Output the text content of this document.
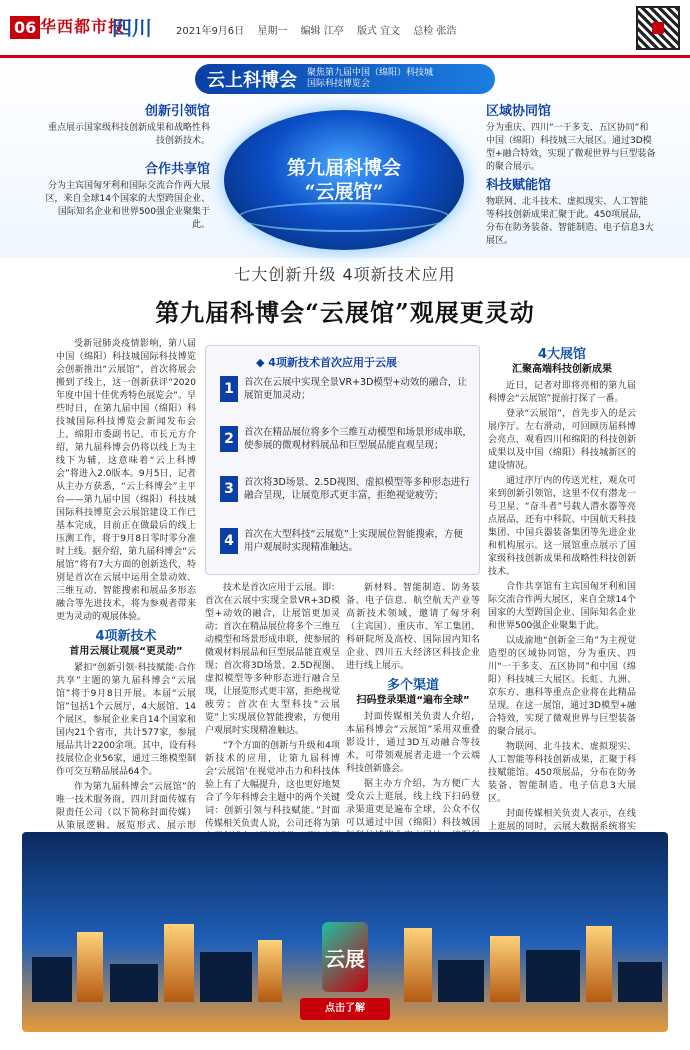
06 华西都市报
四川 2021年9月6日 星期一 编辑 江亭 版式 宜文 总检 张浩
云上科博会 聚焦第九届中国（绵阳）科技城
国际科技博览会
创新引领馆

重点展示国家级科技创新成果和战略性科技创新技术。

合作共享馆

分为主宾国匈牙利和国际交流合作两大展区，来自全球14个国家的大型跨国企业、国际知名企业和世界500强企业聚集于此。

区域协同馆

分为重庆、四川“一干多支、五区协同”和中国（绵阳）科技城三大展区。通过3D模型+融合特效，实现了微观世界与巨型装备的聚合展示。

科技赋能馆

物联网、北斗技术、虚拟现实、人工智能等科技创新成果汇聚于此。450项展品，分布在防务装备、智能制造、电子信息3大展区。

第九届科博会
“云展馆”
七大创新升级 4项新技术应用
第九届科博会“云展馆”观展更灵动

受新冠肺炎疫情影响，第八届中国（绵阳）科技城国际科技博览会创新推出“云展馆”，首次将展会搬到了线上，这一创新获评“2020年度中国十佳优秀特色展览会”。早些时日，在第九届中国（绵阳）科技城国际科技博览会新闻发布会上，绵阳市委副书记、市长元方介绍，第九届科博会仍将以线上为主线下为辅，这意味着“云上科博会”将进入2.0版本。9月5日，记者从主办方获悉，“云上科博会”主平台——第九届中国（绵阳）科技城国际科技博览会云展馆建设工作已基本完成，目前正在做最后的线上压测工作，将于9月8日零时零分准时上线。据介绍，第九届科博会“云展馆”将有7大方面的创新迭代，特别是首次在云展中运用全景动效、三维互动、智能搜索和展品多形态融合等先进技术，将为参观者带来更为灵动的观展体验。

4项新技术
首用云展让观展“更灵动”

紧扣“创新引领·科技赋能·合作共享”主题的第九届科博会“云展馆”将于9月8日开展。本届“云展馆”包括1个云展厅，4大展馆、14个展区，参展企业来自14个国家和国内21个省市，共计577家，参展展品共计2200余项。其中，设有科技展位企业56家，通过三维模型制作可交互精品展品64个。

作为第九届科博会“云展馆”的唯一技术服务商，四川封面传媒有限责任公司（以下简称封面传媒）从策展逻辑、展览形式、展示形

◆ 4项新技术首次应用于云展
1	首次在云展中实现全景VR+3D模型+动效的融合，让展馆更加灵动；
2	首次在精品展位将多个三维互动模型和场景形成串联，使参展的微观材料展品和巨型展品能直观呈现；
3	首次将3D场景、2.5D视图、虚拟模型等多种形态进行融合呈现，让展览形式更丰富，拒绝视觉疲劳；
4	首次在大型科技“云展览”上实现展位智能搜索，方便用户观展时实现精准触达。

技术是首次应用于云展。即：首次在云展中实现全景VR+3D模型+动效的融合，让展馆更加灵动；首次在精品展位将多个三维互动模型和场景形成串联，使参展的微观材料展品和巨型展品能直观呈现；首次将3D场景、2.5D视图、虚拟模型等多种形态进行融合呈现，让展览形式更丰富，拒绝视觉疲劳；首次在大型科技“云展览”上实现展位智能搜索，方便用户观展时实现精准触达。

“7个方面的创新与升级和4项新技术的应用，让第九届科博会‘云展馆’在视觉冲击力和科技体验上有了大幅提升，这也更好地契合了今年科博会主题中的两个关键词：创新引领与科技赋能。”封面传媒相关负责人说，公司还将为第

新材料、智能制造、防务装备、电子信息、航空航天产业等高新技术领域，邀请了匈牙利（主宾国）、重庆市、军工集团、科研院所及高校、国际国内知名企业、四川五大经济区科技企业进行线上展示。

多个渠道
扫码登录渠道“遍布全球”

封面传媒相关负责人介绍，本届科博会“云展馆”采用双重叠影设计，通过3D互动融合等技术，可带领观展者走进一个云端科技创新盛会。

据主办方介绍，为方便广大受众云上逛展，线上线下扫码登录渠道更是遍布全球，公众不仅可以通过中国（绵阳）科技城国

4大展馆
汇聚高端科技创新成果

近日，记者对即将亮相的第九届科博会“云展馆”提前打探了一番。

登录“云展馆”，首先步入的是云展序厅。左右滑动，可回顾历届科博会亮点，观看四川和绵阳的科技创新成果以及中国（绵阳）科技城新区的建设情况。

通过序厅内的传送光柱，观众可来到创新引领馆，这里不仅有潜龙一号卫星、“奋斗者”号载人潜水器等亮点展品，还有中科院、中国航天科技集团、中国兵器装备集团等先进企业和机构展示。这一展馆重点展示了国家级科技创新成果和战略性科技创新技术。

合作共享馆有主宾国匈牙利和国际交流合作两大展区，来自全球14个国家的大型跨国企业、国际知名企业和世界500强企业聚集于此。

以成渝地“创新金三角”为主视觉造型的区域协同馆，分为重庆、四川“一干多支、五区协同”和中国（绵阳）科技城三大展区。长虹、九洲、京东方、惠科等重点企业将在此精品呈现。在这一展馆，通过3D模型+融合特效，实现了微观世界与巨型装备的聚合展示。

物联网、北斗技术、虚拟现实、人工智能等科技创新成果，汇聚于科技赋能馆。450项展品，分布在防务装备、智能制造、电子信息3大展区。

封面传媒相关负责人表示，在线上逛展的同时，云展大数据系统将实

云展
点击了解
